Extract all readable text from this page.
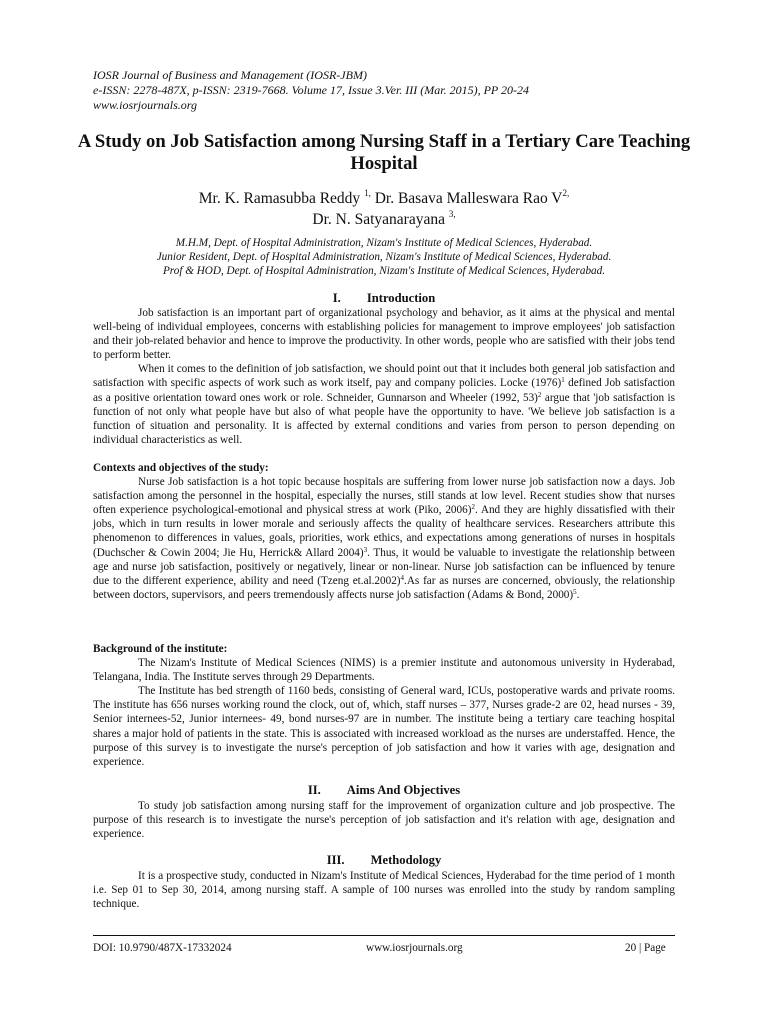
IOSR Journal of Business and Management (IOSR-JBM)
e-ISSN: 2278-487X, p-ISSN: 2319-7668. Volume 17, Issue 3.Ver. III (Mar. 2015), PP 20-24
www.iosrjournals.org
A Study on Job Satisfaction among Nursing Staff in a Tertiary Care Teaching Hospital
Mr. K. Ramasubba Reddy $^{1,}$ Dr. Basava Malleswara Rao $V^{2,}$
Dr. N. Satyanarayana $^{3,}$
M.H.M, Dept. of Hospital Administration, Nizam's Institute of Medical Sciences, Hyderabad.
Junior Resident, Dept. of Hospital Administration, Nizam's Institute of Medical Sciences, Hyderabad.
Prof & HOD, Dept. of Hospital Administration, Nizam's Institute of Medical Sciences, Hyderabad.
I. Introduction

Job satisfaction is an important part of organizational psychology and behavior, as it aims at the physical and mental well-being of individual employees, concerns with establishing policies for management to improve employees' job satisfaction and their job-related behavior and hence to improve the productivity. In other words, people who are satisfied with their jobs tend to perform better.

When it comes to the definition of job satisfaction, we should point out that it includes both general job satisfaction and satisfaction with specific aspects of work such as work itself, pay and company policies. Locke $(1976)^1$ defined Job satisfaction as a positive orientation toward ones work or role. Schneider, Gunnarson and Wheeler (1992, 53)$^2$ argue that 'job satisfaction is function of not only what people have but also of what people have the opportunity to have. 'We believe job satisfaction is a function of situation and personality. It is affected by external conditions and varies from person to person depending on individual characteristics as well.

Contexts and objectives of the study:

Nurse Job satisfaction is a hot topic because hospitals are suffering from lower nurse job satisfaction now a days. Job satisfaction among the personnel in the hospital, especially the nurses, still stands at low level. Recent studies show that nurses often experience psychological-emotional and physical stress at work (Piko, 2006)$^2$. And they are highly dissatisfied with their jobs, which in turn results in lower morale and seriously affects the quality of healthcare services. Researchers attribute this phenomenon to differences in values, goals, priorities, work ethics, and expectations among generations of nurses in hospitals (Duchscher & Cowin 2004; Jie Hu, Herrick& Allard 2004)$^3$. Thus, it would be valuable to investigate the relationship between age and nurse job satisfaction, positively or negatively, linear or non-linear. Nurse job satisfaction can be influenced by tenure due to the different experience, ability and need (Tzeng et.al.2002)$^4$.As far as nurses are concerned, obviously, the relationship between doctors, supervisors, and peers tremendously affects nurse job satisfaction (Adams & Bond, 2000)$^5$.

Background of the institute:

The Nizam's Institute of Medical Sciences (NIMS) is a premier institute and autonomous university in Hyderabad, Telangana, India. The Institute serves through 29 Departments.

The Institute has bed strength of 1160 beds, consisting of General ward, ICUs, postoperative wards and private rooms. The institute has 656 nurses working round the clock, out of, which, staff nurses – 377, Nurses grade-2 are 02, head nurses - 39, Senior internees-52, Junior internees- 49, bond nurses-97 are in number. The institute being a tertiary care teaching hospital shares a major hold of patients in the state. This is associated with increased workload as the nurses are understaffed. Hence, the purpose of this survey is to investigate the nurse's perception of job satisfaction and how it varies with age, designation and experience.

II. Aims And Objectives

To study job satisfaction among nursing staff for the improvement of organization culture and job prospective. The purpose of this research is to investigate the nurse's perception of job satisfaction and it's relation with age, designation and experience.

III. Methodology

It is a prospective study, conducted in Nizam's Institute of Medical Sciences, Hyderabad for the time period of 1 month i.e. Sep 01 to Sep 30, 2014, among nursing staff. A sample of 100 nurses was enrolled into the study by random sampling technique.

DOI: 10.9790/487X-17332024	www.iosrjournals.org	20 | Page
